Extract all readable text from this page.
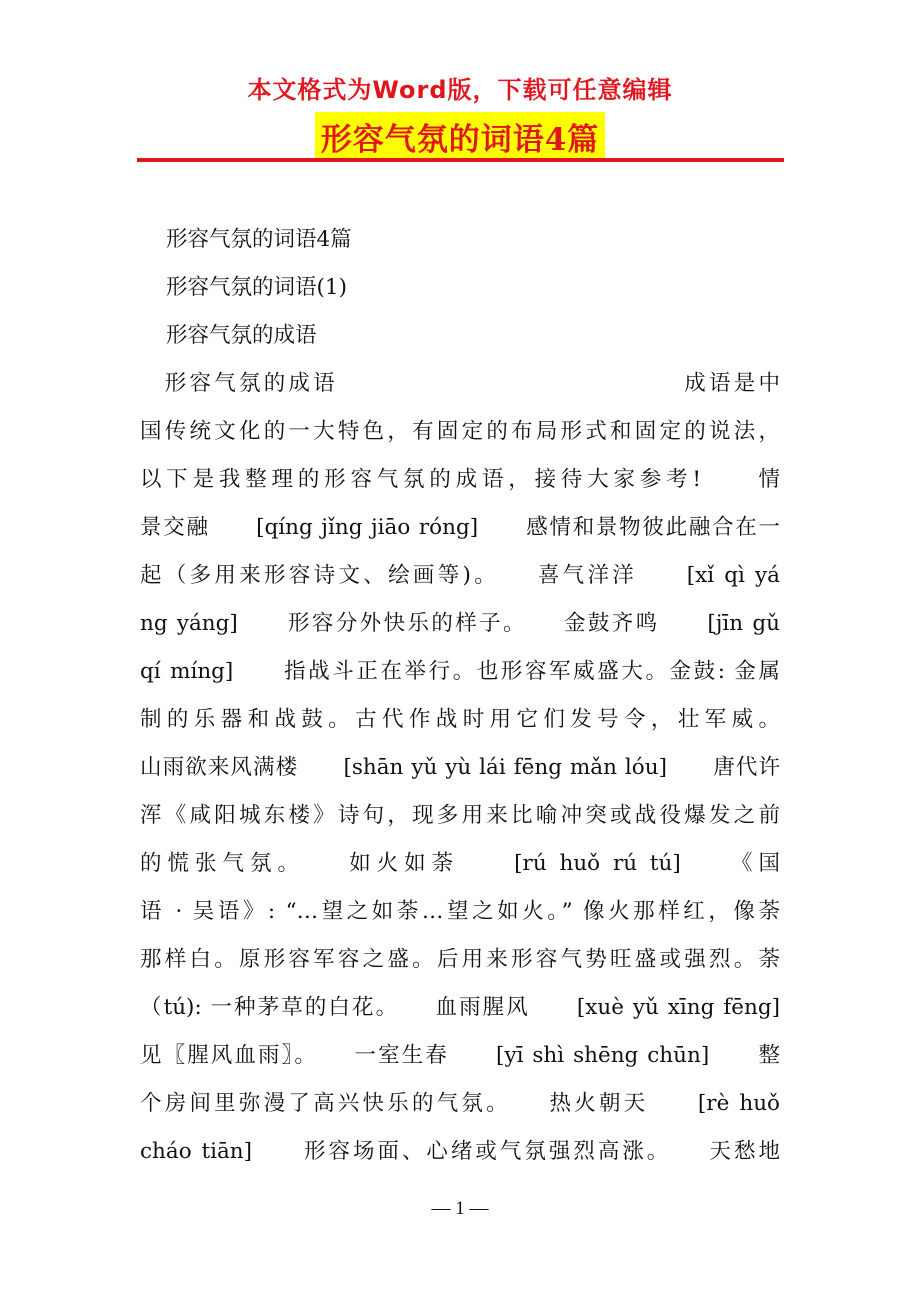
本文格式为Word版，下载可任意编辑
形容气氛的词语4篇
形容气氛的词语4篇
形容气氛的词语(1)
形容气氛的成语
　形容气氛的成语　　　　　　　　　　　　　　成语是中
国传统文化的一大特色，有固定的布局形式和固定的说法，
以下是我整理的形容气氛的成语，接待大家参考!　　情
景交融　　[qíng jǐng jiāo róng]　　感情和景物彼此融合在一
起（多用来形容诗文、绘画等)。　　喜气洋洋　　[xǐ qì yá
ng yáng]　　形容分外快乐的样子。　　金鼓齐鸣　　[jīn gǔ
qí míng]　　指战斗正在举行。也形容军威盛大。金鼓: 金属
制的乐器和战鼓。古代作战时用它们发号令，壮军威。
山雨欲来风满楼　　[shān yǔ yù lái fēng mǎn lóu]　　唐代许
浑《咸阳城东楼》诗句，现多用来比喻冲突或战役爆发之前
的慌张气氛。　　如火如荼　　[rú huǒ rú tú]　　《国
语 · 吴语》: “…望之如荼…望之如火。” 像火那样红，像荼
那样白。原形容军容之盛。后用来形容气势旺盛或强烈。荼
（tú): 一种茅草的白花。　　血雨腥风　　[xuè yǔ xīng fēng]
见〖腥风血雨〗。　　一室生春　　[yī shì shēng chūn]　　整
个房间里弥漫了高兴快乐的气氛。　　热火朝天　　[rè huǒ
cháo tiān]　　形容场面、心绪或气氛强烈高涨。　　天愁地
— 1 —
